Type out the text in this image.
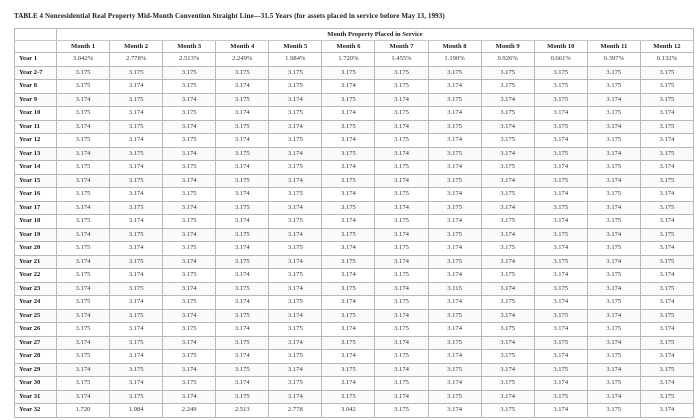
TABLE 4 Nonresidential Real Property Mid-Month Convention Straight Line—31.5 Years (for assets placed in service before May 13, 1993)
	Month Property Placed in Service											
	Month 1	Month 2	Month 3	Month 4	Month 5	Month 6	Month 7	Month 8	Month 9	Month 10	Month 11	Month 12
Year 1	3.042%	2.778%	2.513%	2.249%	1.984%	1.720%	1.455%	1.190%	0.926%	0.661%	0.397%	0.132%
Year 2-7	3.175	3.175	3.175	3.175	3.175	3.175	3.175	3.175	3.175	3.175	3.175	3.175
Year 8	3.175	3.174	3.175	3.174	3.175	3.174	3.175	3.174	3.175	3.175	3.175	3.175
Year 9	3.174	3.175	3.174	3.175	3.174	3.175	3.174	3.175	3.174	3.175	3.174	3.175
Year 10	3.175	3.174	3.175	3.174	3.175	3.174	3.175	3.174	3.175	3.174	3.175	3.174
Year 11	3.174	3.175	3.174	3.175	3.174	3.175	3.174	3.175	3.174	3.175	3.174	3.175
Year 12	3.175	3.174	3.175	3.174	3.175	3.174	3.175	3.174	3.175	3.174	3.175	3.174
Year 13	3.174	3.175	3.174	3.175	3.174	3.175	3.174	3.175	3.174	3.175	3.174	3.175
Year 14	3.175	3.174	3.175	3.174	3.175	3.174	3.175	3.174	3.175	3.174	3.175	3.174
Year 15	3.174	3.175	3.174	3.175	3.174	3.175	3.174	3.175	3.174	3.175	3.174	3.175
Year 16	3.175	3.174	3.175	3.174	3.175	3.174	3.175	3.174	3.175	3.174	3.175	3.174
Year 17	3.174	3.175	3.174	3.175	3.174	3.175	3.174	3.175	3.174	3.175	3.174	3.175
Year 18	3.175	3.174	3.175	3.174	3.175	3.174	3.175	3.174	3.175	3.174	3.175	3.174
Year 19	3.174	3.175	3.174	3.175	3.174	3.175	3.174	3.175	3.174	3.175	3.174	3.175
Year 20	3.175	3.174	3.175	3.174	3.175	3.174	3.175	3.174	3.175	3.174	3.175	3.174
Year 21	3.174	3.175	3.174	3.175	3.174	3.175	3.174	3.175	3.174	3.175	3.174	3.175
Year 22	3.175	3.174	3.175	3.174	3.175	3.174	3.175	3.174	3.175	3.174	3.175	3.174
Year 23	3.174	3.175	3.174	3.175	3.174	3.175	3.174	3.115	3.174	3.175	3.174	3.175
Year 24	3.175	3.174	3.175	3.174	3.175	3.174	3.175	3.174	3.175	3.174	3.175	3.174
Year 25	3.174	3.175	3.174	3.175	3.174	3.175	3.174	3.175	3.174	3.175	3.174	3.175
Year 26	3.175	3.174	3.175	3.174	3.175	3.174	3.175	3.174	3.175	3.174	3.175	3.174
Year 27	3.174	3.175	3.174	3.175	3.174	3.175	3.174	3.175	3.174	3.175	3.174	3.175
Year 28	3.175	3.174	3.175	3.174	3.175	3.174	3.175	3.174	3.175	3.174	3.175	3.174
Year 29	3.174	3.175	3.174	3.175	3.174	3.175	3.174	3.175	3.174	3.175	3.174	3.175
Year 30	3.175	3.174	3.175	3.174	3.175	3.174	3.175	3.174	3.175	3.174	3.175	3.174
Year 31	3.174	3.175	3.174	3.175	3.174	3.175	3.174	3.175	3.174	3.175	3.174	3.175
Year 32	1.720	1.984	2.249	2.513	2.778	3.042	3.175	3.174	3.175	3.174	3.175	3.174
